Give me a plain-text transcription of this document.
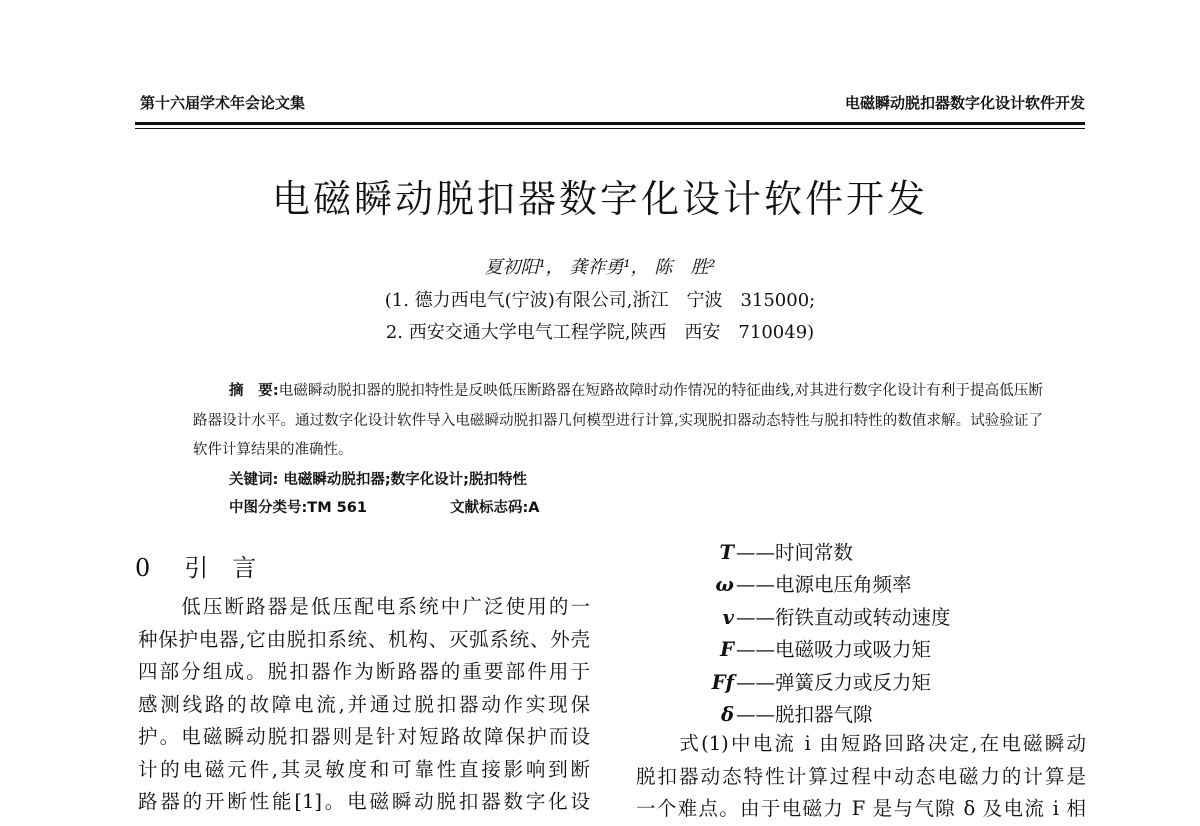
第十六届学术年会论文集	电磁瞬动脱扣器数字化设计软件开发
电磁瞬动脱扣器数字化设计软件开发
夏初阳¹， 龚祚勇¹， 陈　胜²
(1. 德力西电气(宁波)有限公司,浙江　宁波　315000;
2. 西安交通大学电气工程学院,陕西　西安　710049)
摘　要:电磁瞬动脱扣器的脱扣特性是反映低压断路器在短路故障时动作情况的特征曲线,对其进行数字化设计有利于提高低压断路器设计水平。通过数字化设计软件导入电磁瞬动脱扣器几何模型进行计算,实现脱扣器动态特性与脱扣特性的数值求解。试验验证了软件计算结果的准确性。
关键词: 电磁瞬动脱扣器;数字化设计;脱扣特性
中图分类号:TM 561	文献标志码:A
0 引　言

　　低压断路器是低压配电系统中广泛使用的一

种保护电器,它由脱扣系统、机构、灭弧系统、外壳

四部分组成。脱扣器作为断路器的重要部件用于

感测线路的故障电流,并通过脱扣器动作实现保

护。电磁瞬动脱扣器则是针对短路故障保护而设

计的电磁元件,其灵敏度和可靠性直接影响到断

路器的开断性能[1]。电磁瞬动脱扣器数字化设

T ——时间常数
ω ——电源电压角频率
v ——衔铁直动或转动速度
F ——电磁吸力或吸力矩
Ff ——弹簧反力或反力矩
δ ——脱扣器气隙

　　式(1)中电流 i 由短路回路决定,在电磁瞬动

脱扣器动态特性计算过程中动态电磁力的计算是

一个难点。由于电磁力 F 是与气隙 δ 及电流 i 相
